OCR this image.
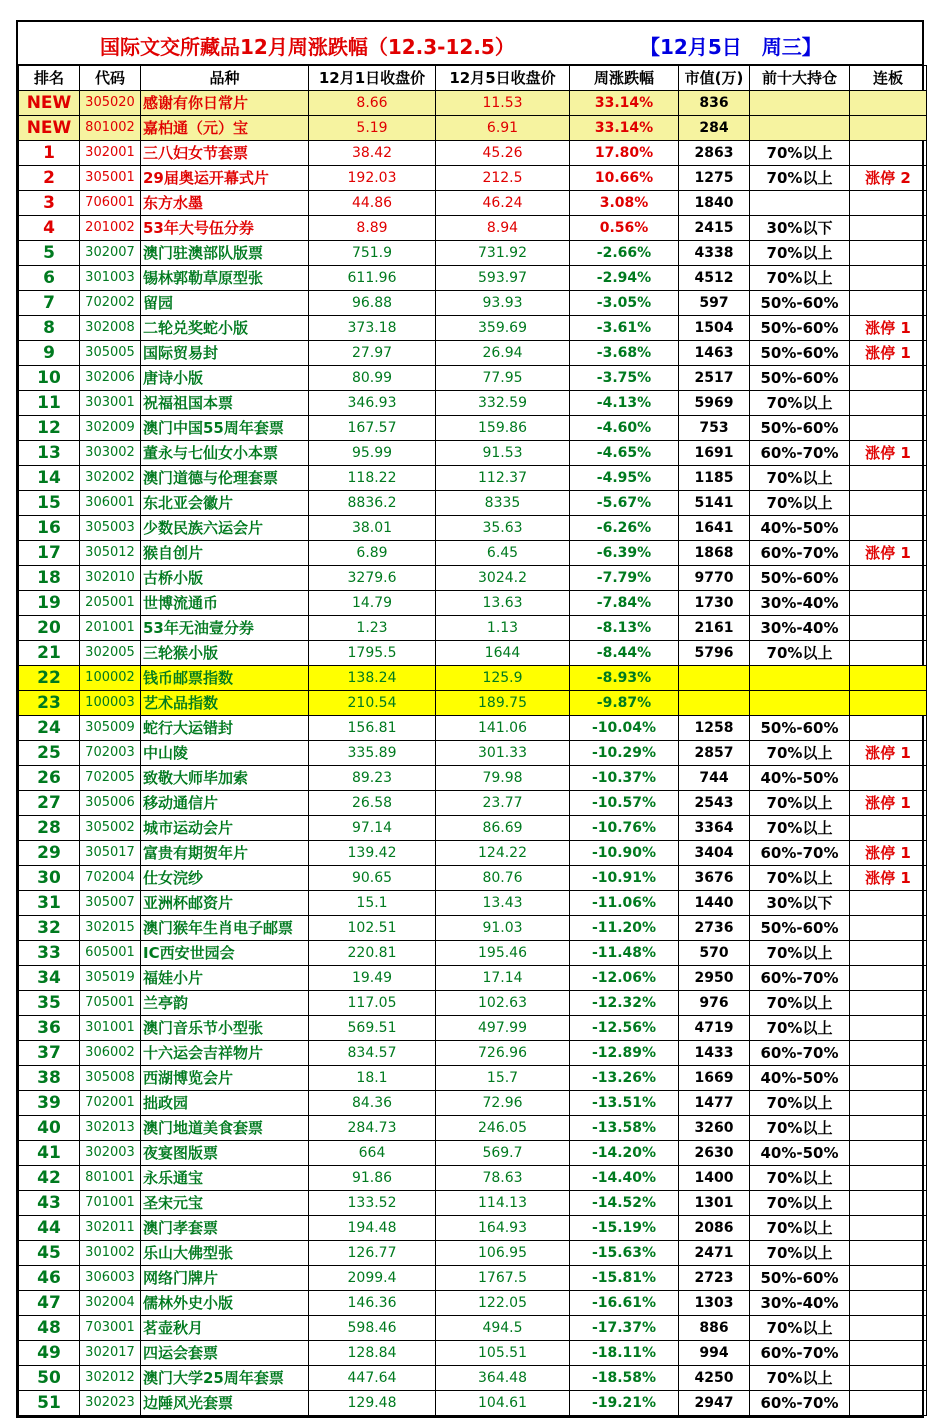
国际文交所藏品12月周涨跌幅（12.3-12.5）	【12月5日　周三】
排名	代码	品种	12月1日收盘价	12月5日收盘价	周涨跌幅	市值(万)	前十大持仓	连板
NEW	305020	感谢有你日常片	8.66	11.53	33.14%	836		
NEW	801002	嘉柏通（元）宝	5.19	6.91	33.14%	284		
1	302001	三八妇女节套票	38.42	45.26	17.80%	2863	70%以上	
2	305001	29届奥运开幕式片	192.03	212.5	10.66%	1275	70%以上	涨停 2
3	706001	东方水墨	44.86	46.24	3.08%	1840		
4	201002	53年大号伍分券	8.89	8.94	0.56%	2415	30%以下	
5	302007	澳门驻澳部队版票	751.9	731.92	-2.66%	4338	70%以上	
6	301003	锡林郭勒草原型张	611.96	593.97	-2.94%	4512	70%以上	
7	702002	留园	96.88	93.93	-3.05%	597	50%-60%	
8	302008	二轮兑奖蛇小版	373.18	359.69	-3.61%	1504	50%-60%	涨停 1
9	305005	国际贸易封	27.97	26.94	-3.68%	1463	50%-60%	涨停 1
10	302006	唐诗小版	80.99	77.95	-3.75%	2517	50%-60%	
11	303001	祝福祖国本票	346.93	332.59	-4.13%	5969	70%以上	
12	302009	澳门中国55周年套票	167.57	159.86	-4.60%	753	50%-60%	
13	303002	董永与七仙女小本票	95.99	91.53	-4.65%	1691	60%-70%	涨停 1
14	302002	澳门道德与伦理套票	118.22	112.37	-4.95%	1185	70%以上	
15	306001	东北亚会徽片	8836.2	8335	-5.67%	5141	70%以上	
16	305003	少数民族六运会片	38.01	35.63	-6.26%	1641	40%-50%	
17	305012	猴自创片	6.89	6.45	-6.39%	1868	60%-70%	涨停 1
18	302010	古桥小版	3279.6	3024.2	-7.79%	9770	50%-60%	
19	205001	世博流通币	14.79	13.63	-7.84%	1730	30%-40%	
20	201001	53年无油壹分券	1.23	1.13	-8.13%	2161	30%-40%	
21	302005	三轮猴小版	1795.5	1644	-8.44%	5796	70%以上	
22	100002	钱币邮票指数	138.24	125.9	-8.93%			
23	100003	艺术品指数	210.54	189.75	-9.87%			
24	305009	蛇行大运错封	156.81	141.06	-10.04%	1258	50%-60%	
25	702003	中山陵	335.89	301.33	-10.29%	2857	70%以上	涨停 1
26	702005	致敬大师毕加索	89.23	79.98	-10.37%	744	40%-50%	
27	305006	移动通信片	26.58	23.77	-10.57%	2543	70%以上	涨停 1
28	305002	城市运动会片	97.14	86.69	-10.76%	3364	70%以上	
29	305017	富贵有期贺年片	139.42	124.22	-10.90%	3404	60%-70%	涨停 1
30	702004	仕女浣纱	90.65	80.76	-10.91%	3676	70%以上	涨停 1
31	305007	亚洲杯邮资片	15.1	13.43	-11.06%	1440	30%以下	
32	302015	澳门猴年生肖电子邮票	102.51	91.03	-11.20%	2736	50%-60%	
33	605001	IC西安世园会	220.81	195.46	-11.48%	570	70%以上	
34	305019	福娃小片	19.49	17.14	-12.06%	2950	60%-70%	
35	705001	兰亭韵	117.05	102.63	-12.32%	976	70%以上	
36	301001	澳门音乐节小型张	569.51	497.99	-12.56%	4719	70%以上	
37	306002	十六运会吉祥物片	834.57	726.96	-12.89%	1433	60%-70%	
38	305008	西湖博览会片	18.1	15.7	-13.26%	1669	40%-50%	
39	702001	拙政园	84.36	72.96	-13.51%	1477	70%以上	
40	302013	澳门地道美食套票	284.73	246.05	-13.58%	3260	70%以上	
41	302003	夜宴图版票	664	569.7	-14.20%	2630	40%-50%	
42	801001	永乐通宝	91.86	78.63	-14.40%	1400	70%以上	
43	701001	圣宋元宝	133.52	114.13	-14.52%	1301	70%以上	
44	302011	澳门孝套票	194.48	164.93	-15.19%	2086	70%以上	
45	301002	乐山大佛型张	126.77	106.95	-15.63%	2471	70%以上	
46	306003	网络门牌片	2099.4	1767.5	-15.81%	2723	50%-60%	
47	302004	儒林外史小版	146.36	122.05	-16.61%	1303	30%-40%	
48	703001	茗壶秋月	598.46	494.5	-17.37%	886	70%以上	
49	302017	四运会套票	128.84	105.51	-18.11%	994	60%-70%	
50	302012	澳门大学25周年套票	447.64	364.48	-18.58%	4250	70%以上	
51	302023	边陲风光套票	129.48	104.61	-19.21%	2947	60%-70%	
